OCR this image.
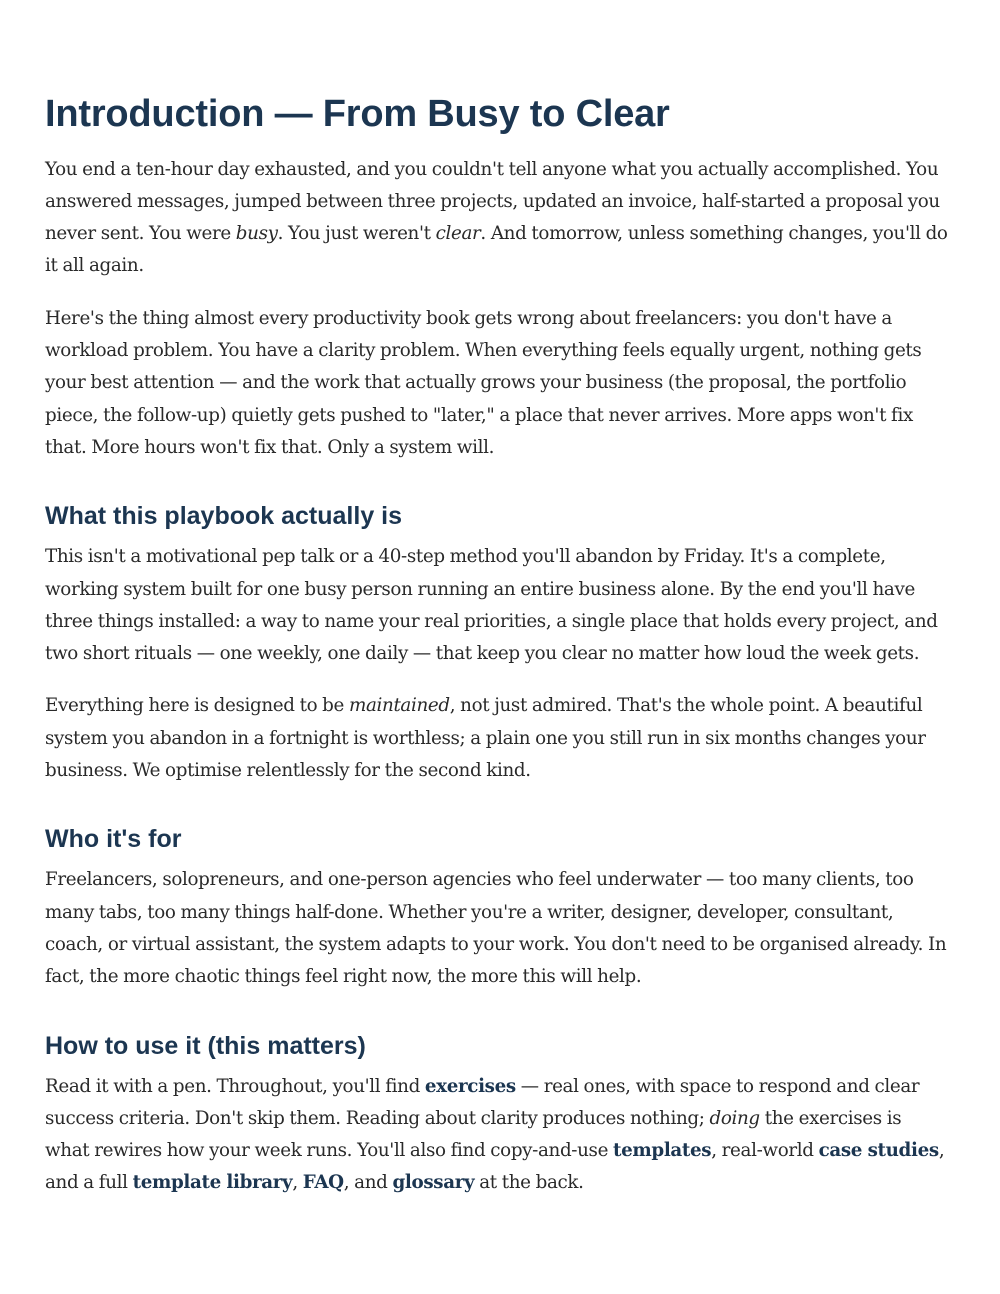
Introduction — From Busy to Clear

You end a ten-hour day exhausted, and you couldn't tell anyone what you actually accomplished. You answered messages, jumped between three projects, updated an invoice, half-started a proposal you never sent. You were busy. You just weren't clear. And tomorrow, unless something changes, you'll do it all again.

Here's the thing almost every productivity book gets wrong about freelancers: you don't have a workload problem. You have a clarity problem. When everything feels equally urgent, nothing gets your best attention — and the work that actually grows your business (the proposal, the portfolio piece, the follow-up) quietly gets pushed to "later," a place that never arrives. More apps won't fix that. More hours won't fix that. Only a system will.

What this playbook actually is

This isn't a motivational pep talk or a 40-step method you'll abandon by Friday. It's a complete, working system built for one busy person running an entire business alone. By the end you'll have three things installed: a way to name your real priorities, a single place that holds every project, and two short rituals — one weekly, one daily — that keep you clear no matter how loud the week gets.

Everything here is designed to be maintained, not just admired. That's the whole point. A beautiful system you abandon in a fortnight is worthless; a plain one you still run in six months changes your business. We optimise relentlessly for the second kind.

Who it's for

Freelancers, solopreneurs, and one-person agencies who feel underwater — too many clients, too many tabs, too many things half-done. Whether you're a writer, designer, developer, consultant, coach, or virtual assistant, the system adapts to your work. You don't need to be organised already. In fact, the more chaotic things feel right now, the more this will help.

How to use it (this matters)

Read it with a pen. Throughout, you'll find exercises — real ones, with space to respond and clear success criteria. Don't skip them. Reading about clarity produces nothing; doing the exercises is what rewires how your week runs. You'll also find copy-and-use templates, real-world case studies, and a full template library, FAQ, and glossary at the back.
